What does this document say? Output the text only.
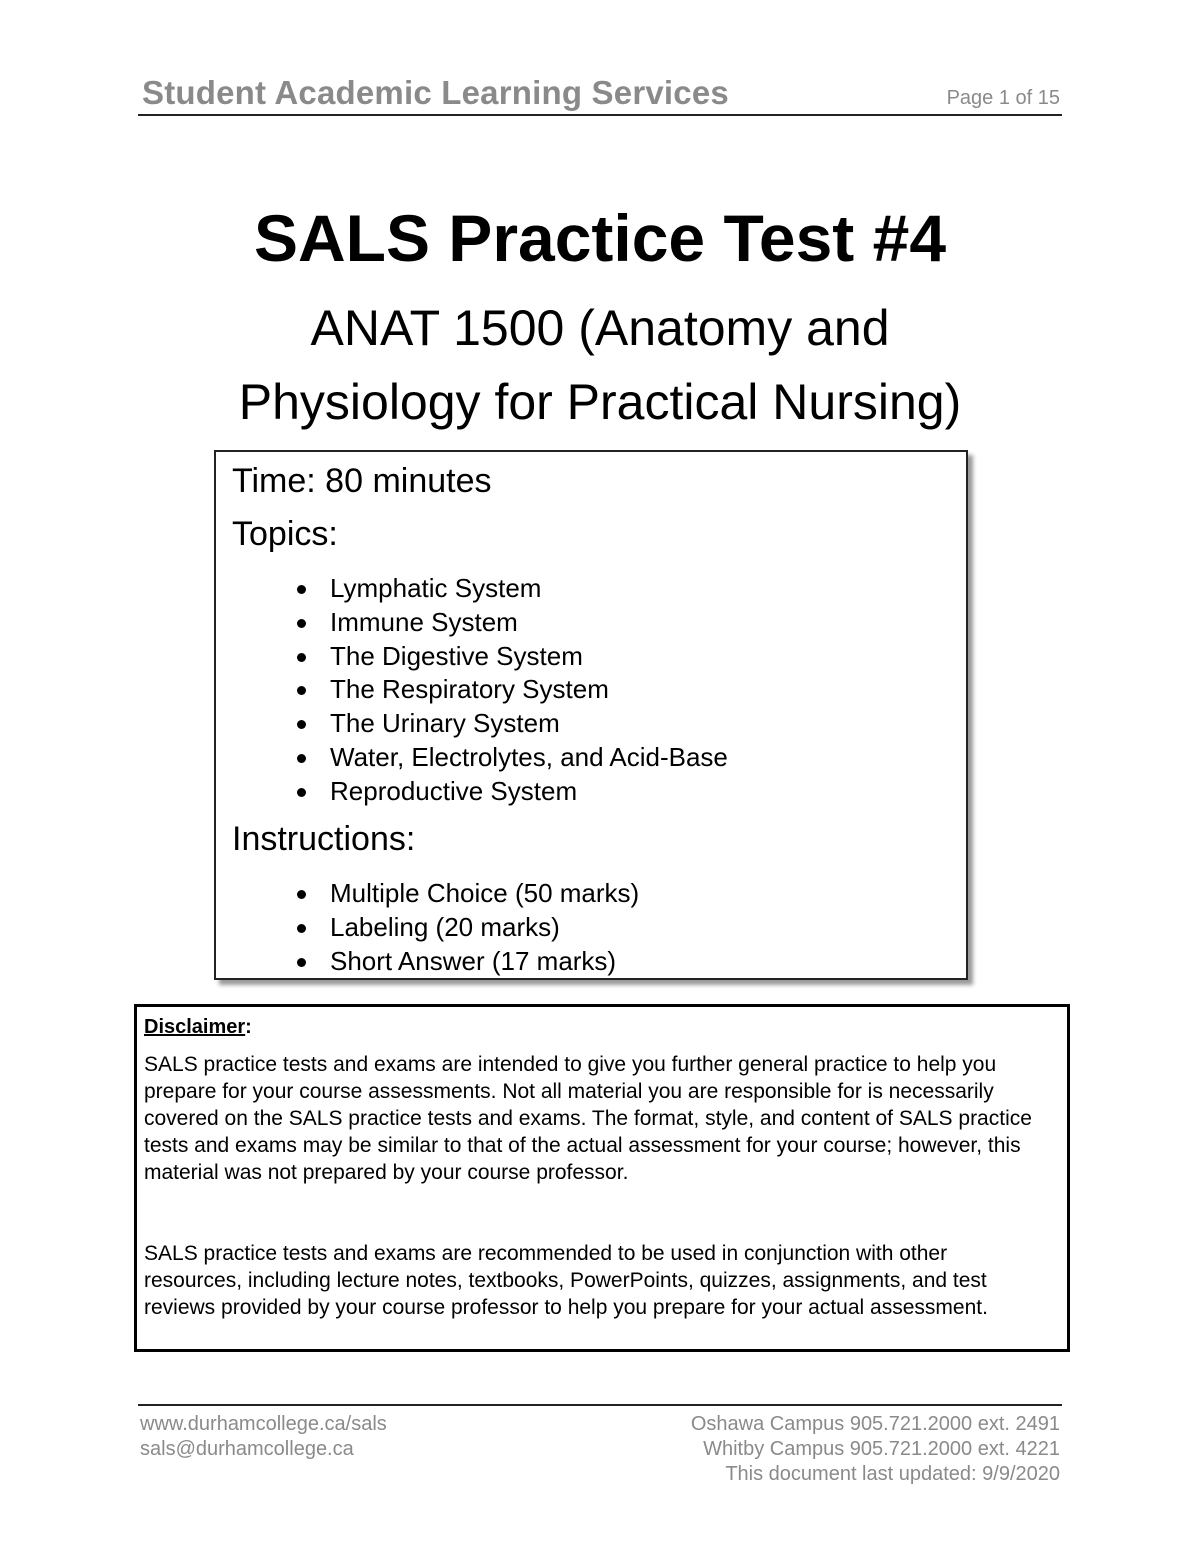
Student Academic Learning Services	Page 1 of 15
SALS Practice Test #4
ANAT 1500 (Anatomy and
Physiology for Practical Nursing)
Time: 80 minutes
Topics:
Lymphatic System
Immune System
The Digestive System
The Respiratory System
The Urinary System
Water, Electrolytes, and Acid-Base
Reproductive System
Instructions:
Multiple Choice (50 marks)
Labeling (20 marks)
Short Answer (17 marks)
Disclaimer:
SALS practice tests and exams are intended to give you further general practice to help you prepare for your course assessments. Not all material you are responsible for is necessarily covered on the SALS practice tests and exams. The format, style, and content of SALS practice tests and exams may be similar to that of the actual assessment for your course; however, this material was not prepared by your course professor.
SALS practice tests and exams are recommended to be used in conjunction with other resources, including lecture notes, textbooks, PowerPoints, quizzes, assignments, and test reviews provided by your course professor to help you prepare for your actual assessment.
www.durhamcollege.ca/sals
sals@durhamcollege.ca
Oshawa Campus 905.721.2000 ext. 2491
Whitby Campus 905.721.2000 ext. 4221
This document last updated: 9/9/2020
